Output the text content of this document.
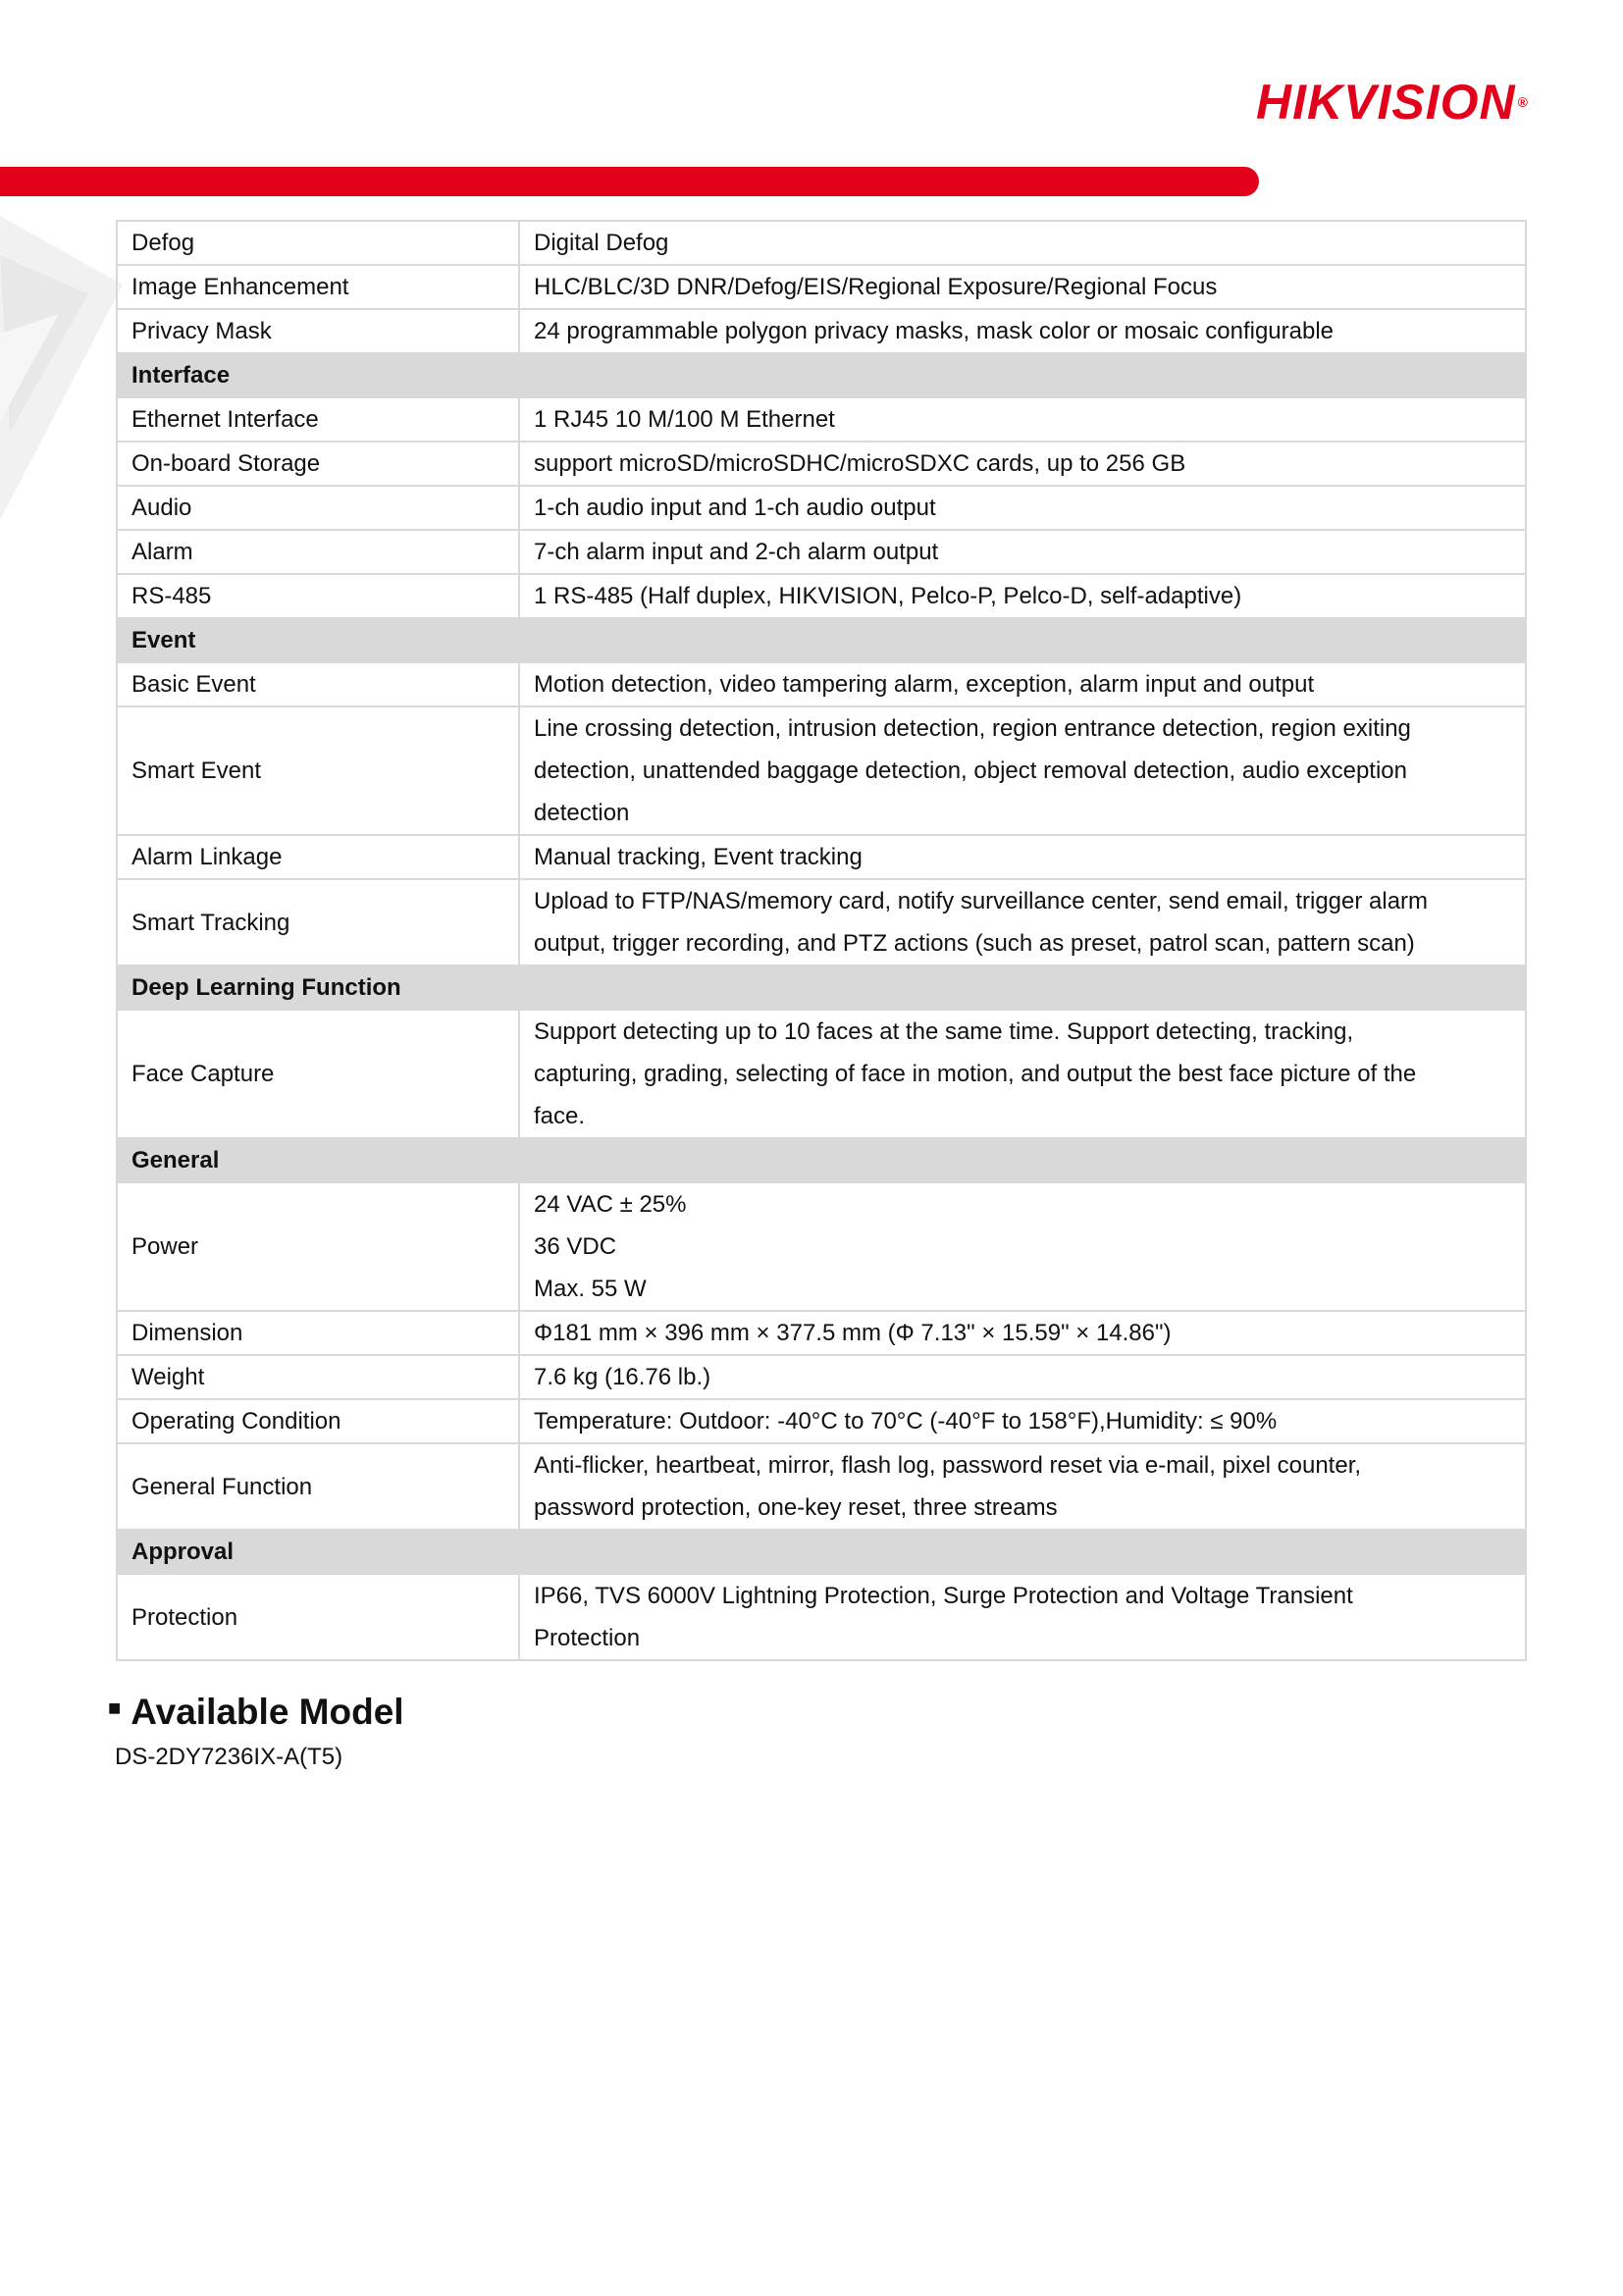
HIKVISION ®
Defog	Digital Defog

Image Enhancement	HLC/BLC/3D DNR/Defog/EIS/Regional Exposure/Regional Focus

Privacy Mask	24 programmable polygon privacy masks, mask color or mosaic configurable

Interface	
Ethernet Interface	1 RJ45 10 M/100 M Ethernet

On-board Storage	support microSD/microSDHC/microSDXC cards, up to 256 GB

Audio	1-ch audio input and 1-ch audio output

Alarm	7-ch alarm input and 2-ch alarm output

RS-485	1 RS-485 (Half duplex, HIKVISION, Pelco-P, Pelco-D, self-adaptive)

Event	
Basic Event	Motion detection, video tampering alarm, exception, alarm input and output

Smart Event	Line crossing detection, intrusion detection, region entrance detection, region exiting
detection, unattended baggage detection, object removal detection, audio exception
detection

Alarm Linkage	Manual tracking, Event tracking

Smart Tracking	Upload to FTP/NAS/memory card, notify surveillance center, send email, trigger alarm
output, trigger recording, and PTZ actions (such as preset, patrol scan, pattern scan)

Deep Learning Function	
Face Capture	Support detecting up to 10 faces at the same time. Support detecting, tracking,
capturing, grading, selecting of face in motion, and output the best face picture of the
face.

General	
Power	24 VAC ± 25%
36 VDC
Max. 55 W

Dimension	Φ181 mm × 396 mm × 377.5 mm (Φ 7.13" × 15.59" × 14.86")

Weight	7.6 kg (16.76 lb.)

Operating Condition	Temperature: Outdoor: -40°C to 70°C (-40°F to 158°F),Humidity: ≤ 90%

General Function	Anti-flicker, heartbeat, mirror, flash log, password reset via e-mail, pixel counter,
password protection, one-key reset, three streams

Approval	
Protection	IP66, TVS 6000V Lightning Protection, Surge Protection and Voltage Transient
Protection
■ Available Model
DS-2DY7236IX-A(T5)
